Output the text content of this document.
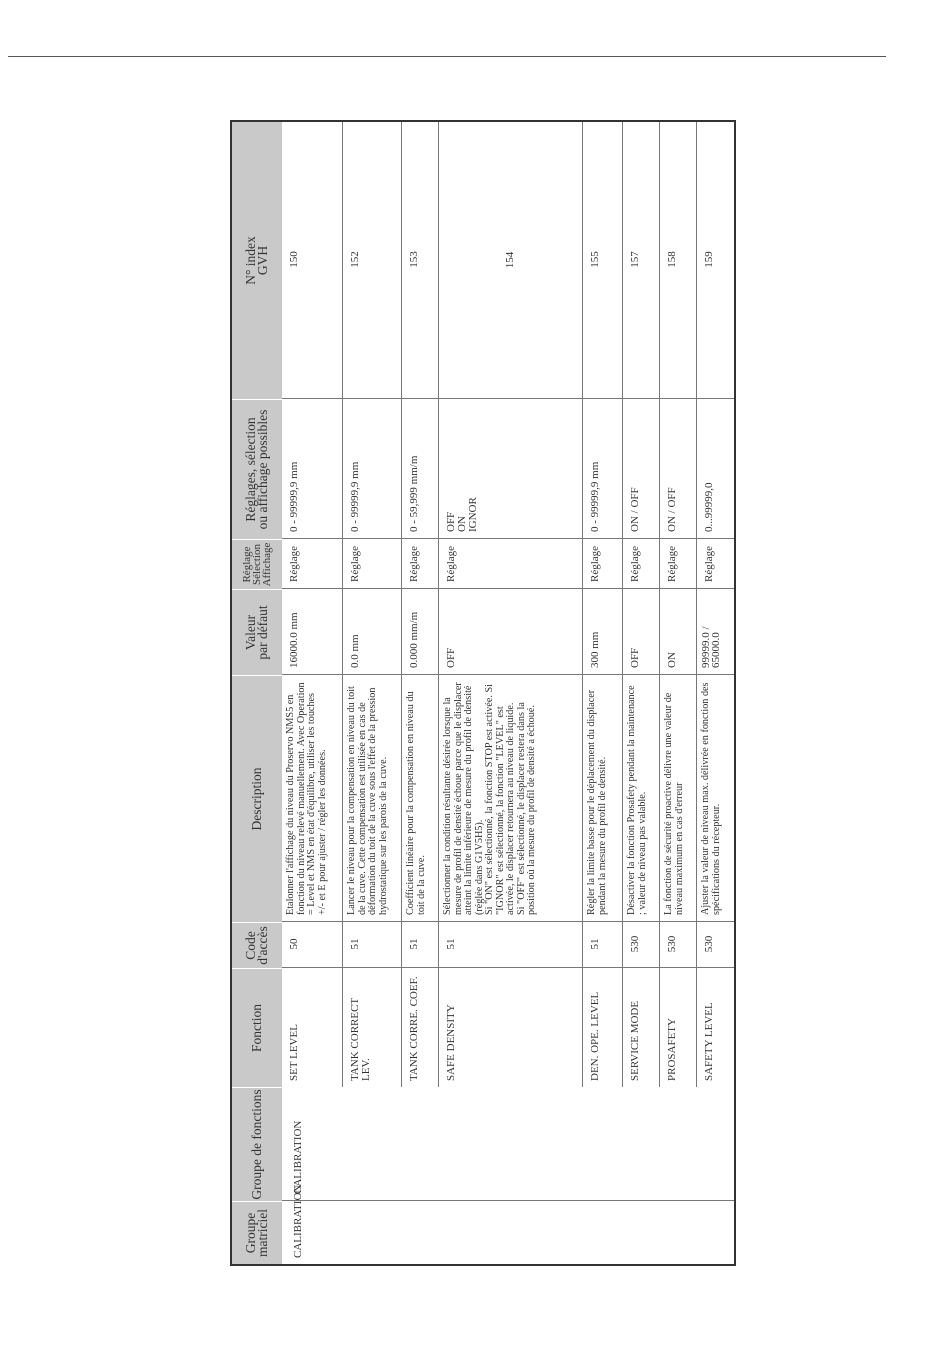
Groupe matriciel
Groupe de fonctions
Fonction
Code
d'accès
Description
Valeur
par défaut
Réglage
Sélection
Affichage
Réglages, sélection
ou affichage possibles
N° index
GVH
CALIBRATION
CALIBRATION
SET LEVEL
50
Etalonner l'affichage du niveau du Proservo NMS5 en fonction du niveau relevé manuellement. Avec Operation = Level et NMS en état d'équilibre, utiliser les touches +/- et E pour ajuster / régler les données.
16000.0 mm
Réglage
0 - 99999,9 mm
150
TANK CORRECT LEV.
51
Lancer le niveau pour la compensation en niveau du toit de la cuve. Cette compensation est utilisée en cas de déformation du toit de la cuve sous l'effet de la pression hydrostatique sur les parois de la cuve.
0.0 mm
Réglage
0 - 99999,9 mm
152
TANK CORRE. COEF.
51
Coefficient linéaire pour la compensation en niveau du toit de la cuve.
0.000 mm/m
Réglage
0 - 59,999 mm/m
153
SAFE DENSITY
51
Sélectionner la condition résultante désirée lorsque la mesure de profil de densité échoue parce que le displacer atteint la limite inférieure de mesure du profil de densité (réglée dans G1V5H5).
Si "ON" est sélectionné, la fonction STOP est activée. Si "IGNOR" est sélectionné, la fonction "LEVEL" est activée, le displacer retournera au niveau de liquide.
Si "OFF" est sélectionné, le displacer restera dans la position où la mesure du profil de densité a échoué.
OFF
Réglage
OFF
ON
IGNOR
154
DEN. OPE. LEVEL
51
Régler la limite basse pour le déplacement du displacer pendant la mesure du profil de densité.
300 mm
Réglage
0 - 99999,9 mm
155
SERVICE MODE
530
Désactiver la fonction Prosafety pendant la maintenance ; valeur de niveau pas valable.
OFF
Réglage
ON / OFF
157
PROSAFETY
530
La fonction de sécurité proactive délivre une valeur de niveau maximum en cas d'erreur
ON
Réglage
ON / OFF
158
SAFETY LEVEL
530
Ajuster la valeur de niveau max. délivrée en fonction des spécifications du récepteur.
99999.0 /
65000.0
Réglage
0...99999,0
159
